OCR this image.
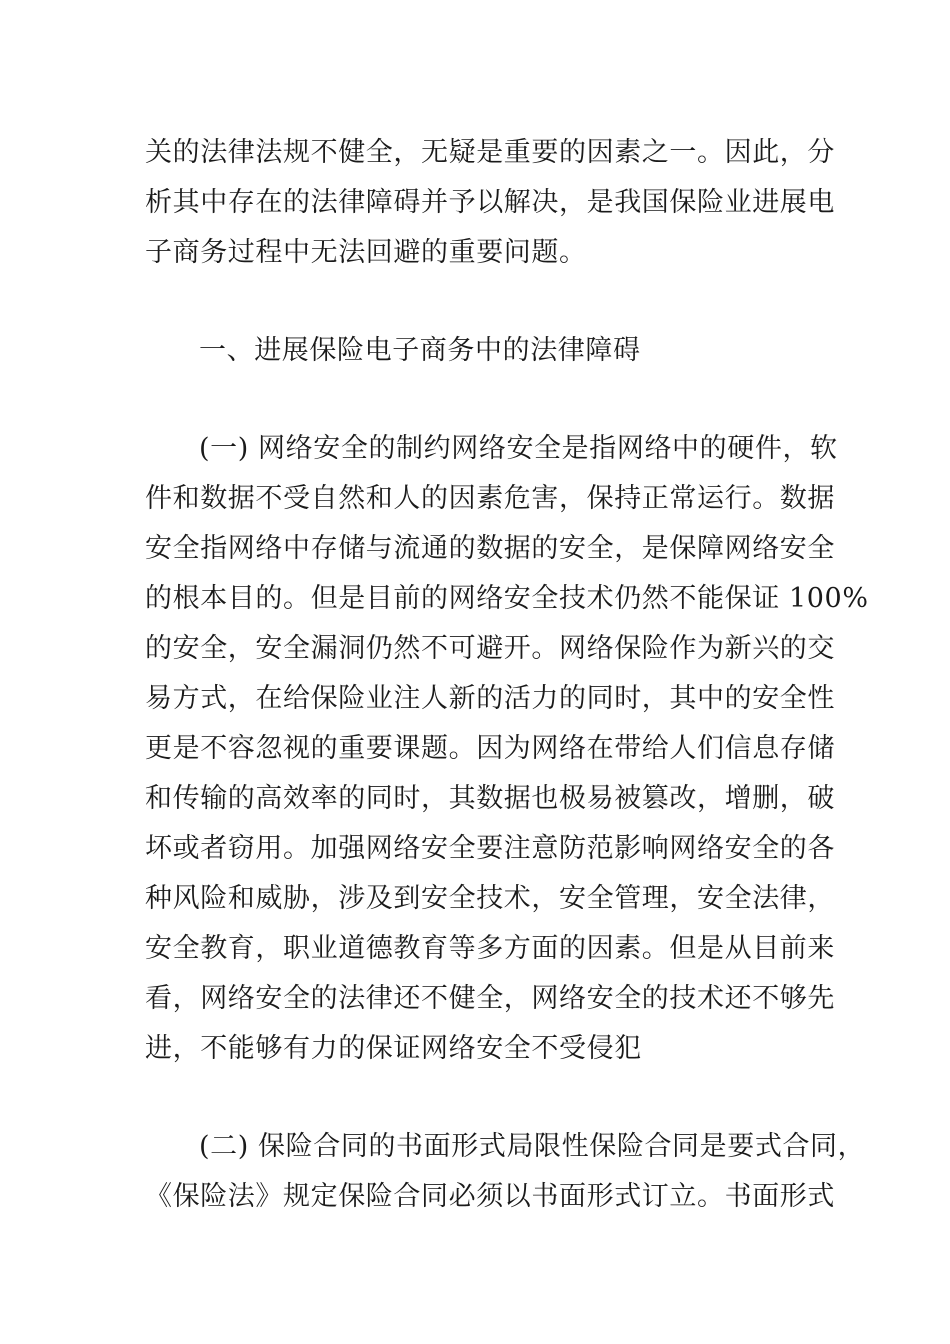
关的法律法规不健全，无疑是重要的因素之一。因此，分
析其中存在的法律障碍并予以解决，是我国保险业进展电
子商务过程中无法回避的重要问题。
一、进展保险电子商务中的法律障碍
(一) 网络安全的制约网络安全是指网络中的硬件，软
件和数据不受自然和人的因素危害，保持正常运行。数据
安全指网络中存储与流通的数据的安全，是保障网络安全
的根本目的。但是目前的网络安全技术仍然不能保证 100%
的安全，安全漏洞仍然不可避开。网络保险作为新兴的交
易方式，在给保险业注人新的活力的同时，其中的安全性
更是不容忽视的重要课题。因为网络在带给人们信息存储
和传输的高效率的同时，其数据也极易被篡改，增删，破
坏或者窃用。加强网络安全要注意防范影响网络安全的各
种风险和威胁，涉及到安全技术，安全管理，安全法律，
安全教育，职业道德教育等多方面的因素。但是从目前来
看，网络安全的法律还不健全，网络安全的技术还不够先
进，不能够有力的保证网络安全不受侵犯
(二) 保险合同的书面形式局限性保险合同是要式合同，
《保险法》规定保险合同必须以书面形式订立。书面形式
